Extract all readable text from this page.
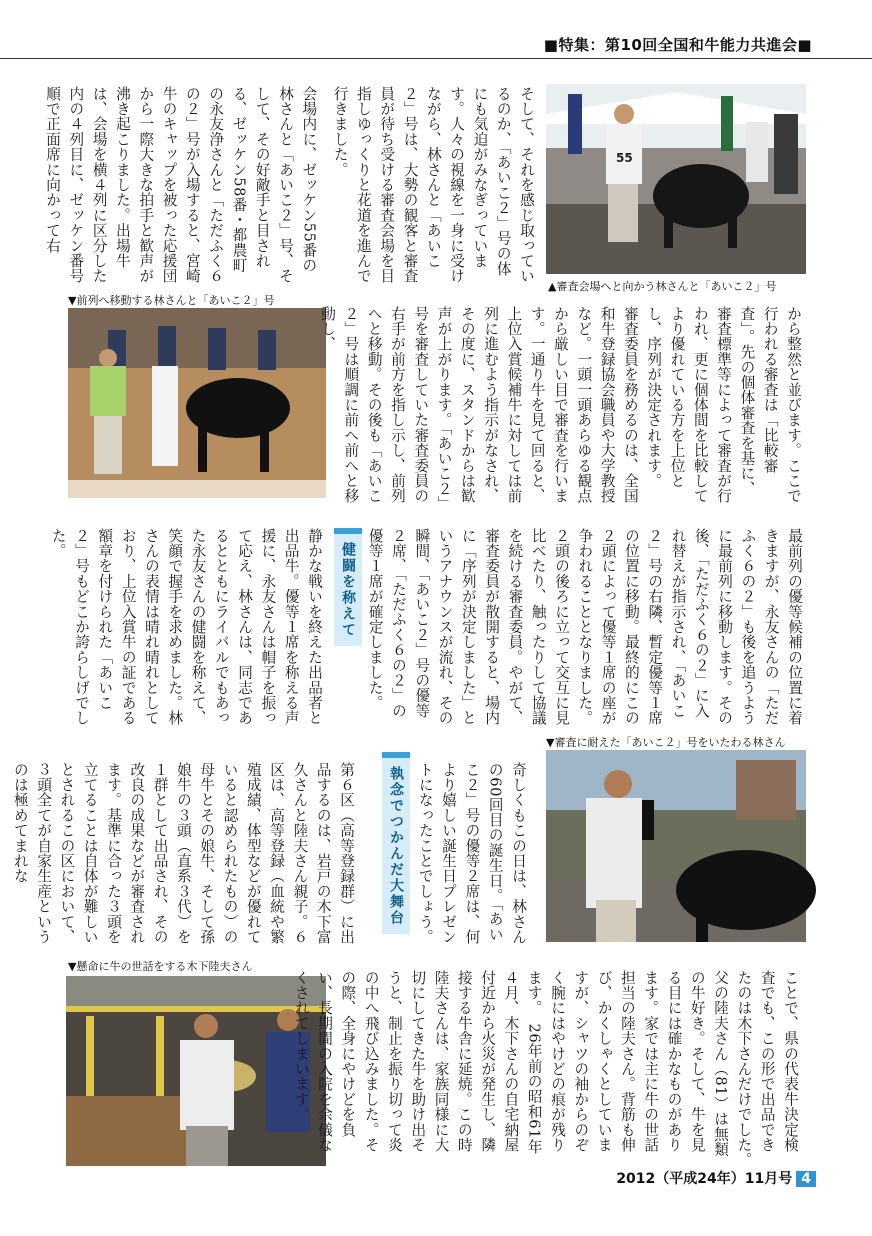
■特集：第10回全国和牛能力共進会■

そして、それを感じ取っているのか、「あいこ２」号の体にも気迫がみなぎっています。人々の視線を一身に受けながら、林さんと「あいこ２」号は、大勢の観客と審査員が待ち受ける審査会場を目指しゆっくりと花道を進んで行きました。

会場内に、ゼッケン55番の林さんと「あいこ２」号、そして、その好敵手と目される、ゼッケン58番・都農町の永友浄さんと「ただふく６の２」号が入場すると、宮崎牛のキャップを被った応援団から一際大きな拍手と歓声が沸き起こりました。出場牛は、会場を横４列に区分した内の４列目に、ゼッケン番号順で正面席に向かって右	55
▲審査会場へと向かう林さんと「あいこ２」号
▼前列へ移動する林さんと「あいこ２」号

から整然と並びます。ここで行われる審査は「比較審査」。先の個体審査を基に、審査標準等によって審査が行われ、更に個体間を比較してより優れている方を上位とし、序列が決定されます。　審査委員を務めるのは、全国和牛登録協会職員や大学教授など。一頭一頭あらゆる観点から厳しい目で審査を行います。一通り牛を見て回ると、上位入賞候補牛に対しては前列に進むよう指示がなされ、その度に、スタンドからは歓声が上がります。「あいこ２」号を審査していた審査委員の右手が前方を指し示し、前列へと移動。その後も「あいこ２」号は順調に前へ前へと移動し、

最前列の優等候補の位置に着きますが、永友さんの「ただふく６の２」も後を追うように最前列に移動します。その後、「ただふく６の２」に入れ替えが指示され、「あいこ２」号の右隣、暫定優等１席の位置に移動。最終的にこの２頭によって優等１席の座が争われることとなりました。２頭の後ろに立って交互に見比べたり、触ったりして協議を続ける審査委員。やがて、審査委員が散開すると、場内に「序列が決定しました」というアナウンスが流れ、その瞬間、「あいこ２」号の優等２席、「ただふく６の２」の優等１席が確定しました。

健闘を称えて

静かな戦いを終えた出品者と出品牛。優等１席を称える声援に、永友さんは帽子を振って応え、林さんは、同志であるとともにライバルでもあった永友さんの健闘を称えて、笑顔で握手を求めました。林さんの表情は晴れ晴れとしており、上位入賞牛の証である額章を付けられた「あいこ２」号もどこか誇らしげでした。

▼審査に耐えた「あいこ２」号をいたわる林さん

奇しくもこの日は、林さんの60回目の誕生日。「あいこ２」号の優等２席は、何より嬉しい誕生日プレゼントになったことでしょう。

執念でつかんだ大舞台

第６区（高等登録群）に出品するのは、岩戸の木下富久さんと陸夫さん親子。６区は、高等登録（血統や繁殖成績、体型などが優れていると認められたもの）の母牛とその娘牛、そして孫娘牛の３頭（直系３代）を１群として出品され、その改良の成果などが審査されます。基準に合った３頭を立てることは自体が難しいとされるこの区において、３頭全てが自家生産というのは極めてまれな

▼懸命に牛の世話をする木下陸夫さん

ことで、県の代表牛決定検査でも、この形で出品できたのは木下さんだけでした。　父の陸夫さん（81）は無類の牛好き。そして、牛を見る目には確かなものがあります。家では主に牛の世話担当の陸夫さん。背筋も伸び、かくしゃくとしていますが、シャツの袖からのぞく腕にはやけどの痕が残ります。　26年前の昭和61年４月、木下さんの自宅納屋付近から火災が発生し、隣接する牛舎に延焼。この時陸夫さんは、家族同様に大切にしてきた牛を助け出そうと、制止を振り切って炎の中へ飛び込みました。その際、全身にやけどを負い、長期間の入院を余儀なくされてしまいます。

2012（平成24年）11月号 4
